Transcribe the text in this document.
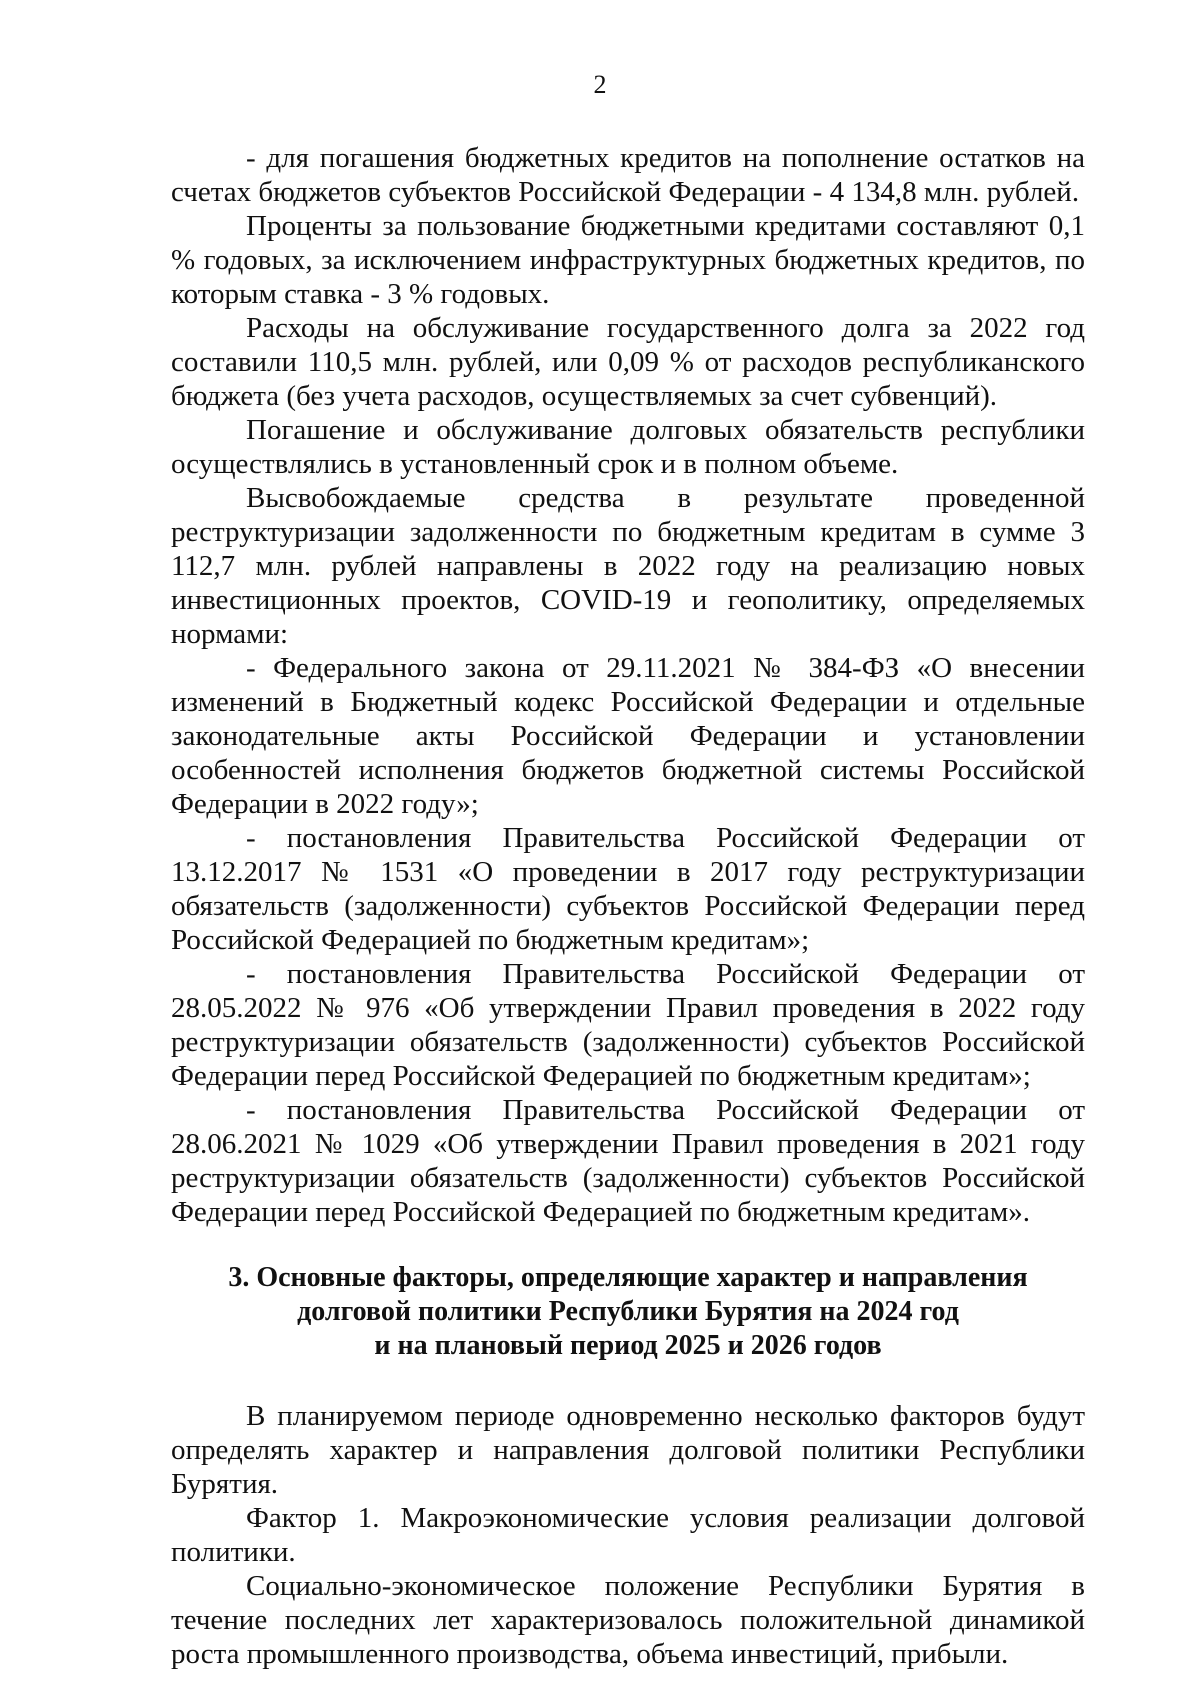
2

- для погашения бюджетных кредитов на пополнение остатков на счетах бюджетов субъектов Российской Федерации - 4 134,8 млн. рублей.

Проценты за пользование бюджетными кредитами составляют 0,1 % годовых, за исключением инфраструктурных бюджетных кредитов, по которым ставка - 3 % годовых.

Расходы на обслуживание государственного долга за 2022 год составили 110,5 млн. рублей, или 0,09 % от расходов республиканского бюджета (без учета расходов, осуществляемых за счет субвенций).

Погашение и обслуживание долговых обязательств республики осуществлялись в установленный срок и в полном объеме.

Высвобождаемые средства в результате проведенной реструктуризации задолженности по бюджетным кредитам в сумме 3 112,7 млн. рублей направлены в 2022 году на реализацию новых инвестиционных проектов, COVID-19 и геополитику, определяемых нормами:

- Федерального закона от 29.11.2021 № 384-ФЗ «О внесении изменений в Бюджетный кодекс Российской Федерации и отдельные законодательные акты Российской Федерации и установлении особенностей исполнения бюджетов бюджетной системы Российской Федерации в 2022 году»;

- постановления Правительства Российской Федерации от 13.12.2017 № 1531 «О проведении в 2017 году реструктуризации обязательств (задолженности) субъектов Российской Федерации перед Российской Федерацией по бюджетным кредитам»;

- постановления Правительства Российской Федерации от 28.05.2022 № 976 «Об утверждении Правил проведения в 2022 году реструктуризации обязательств (задолженности) субъектов Российской Федерации перед Российской Федерацией по бюджетным кредитам»;

- постановления Правительства Российской Федерации от 28.06.2021 № 1029 «Об утверждении Правил проведения в 2021 году реструктуризации обязательств (задолженности) субъектов Российской Федерации перед Российской Федерацией по бюджетным кредитам».

3. Основные факторы, определяющие характер и направления
долговой политики Республики Бурятия на 2024 год
и на плановый период 2025 и 2026 годов

В планируемом периоде одновременно несколько факторов будут определять характер и направления долговой политики Республики Бурятия.

Фактор 1. Макроэкономические условия реализации долговой политики.

Социально-экономическое положение Республики Бурятия в течение последних лет характеризовалось положительной динамикой роста промышленного производства, объема инвестиций, прибыли.
